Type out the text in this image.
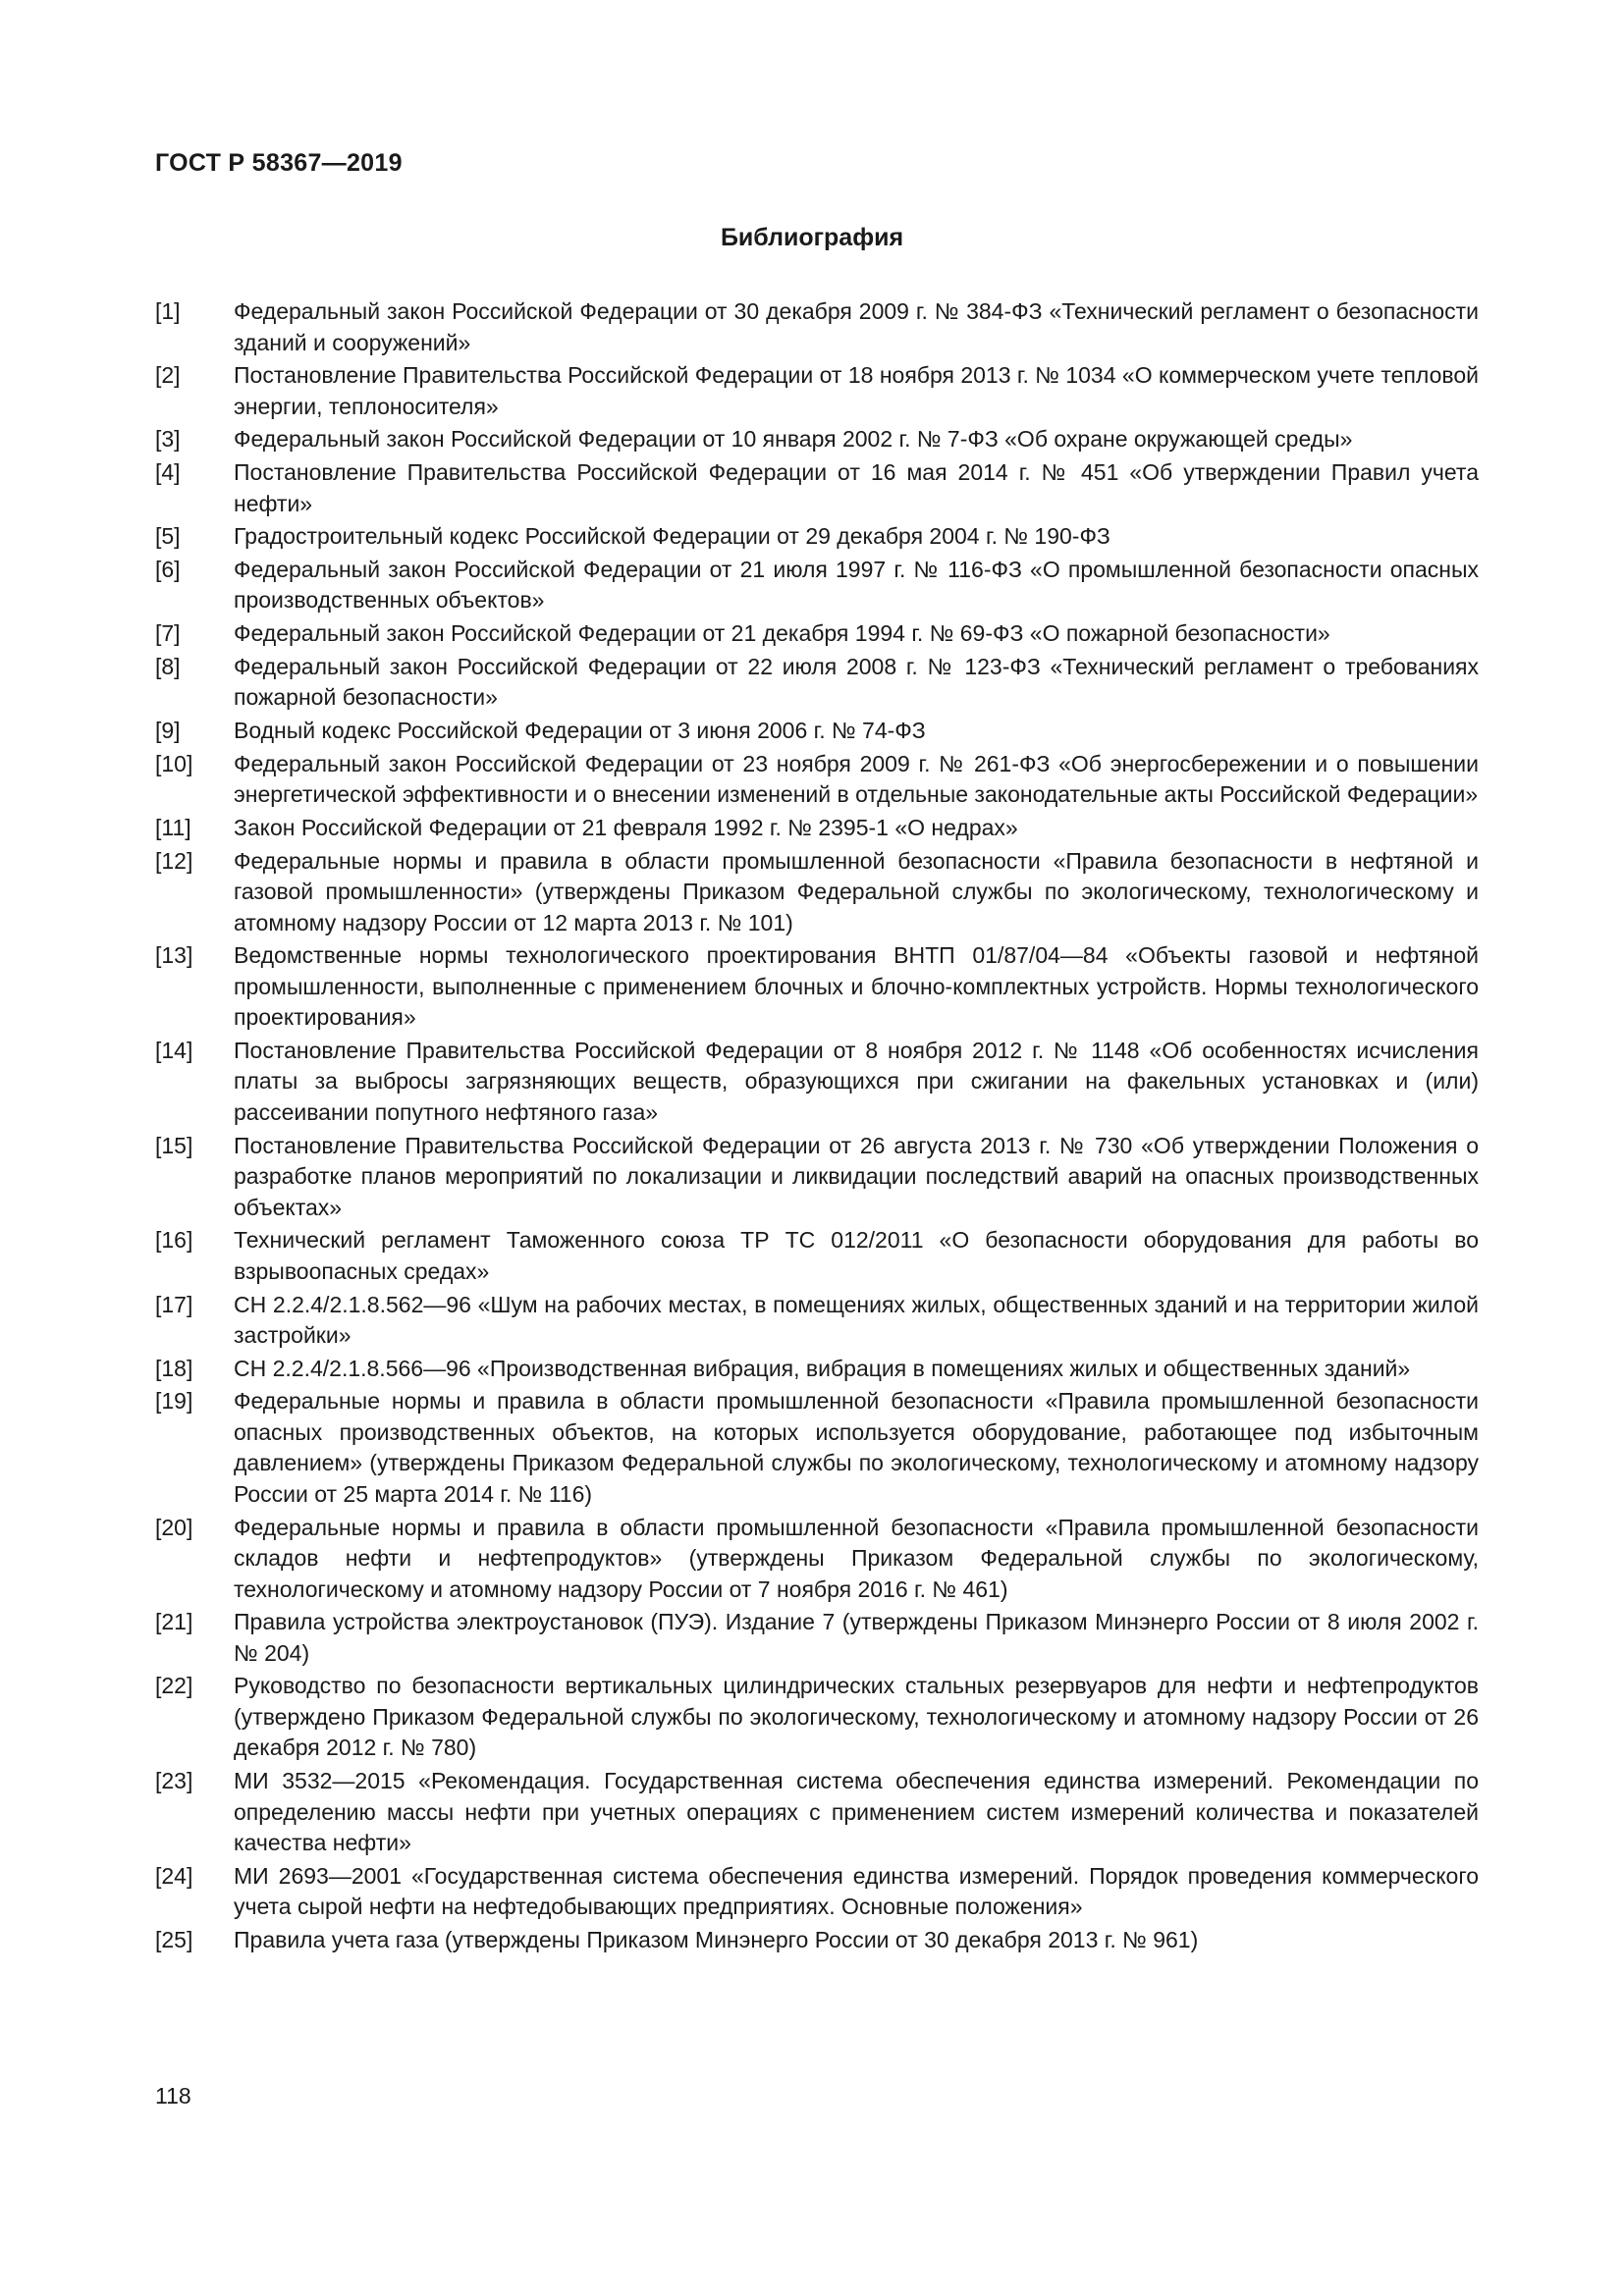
ГОСТ Р 58367—2019
Библиография
[1]	Федеральный закон Российской Федерации от 30 декабря 2009 г. № 384-ФЗ «Технический регламент о безопасности зданий и сооружений»
[2]	Постановление Правительства Российской Федерации от 18 ноября 2013 г. № 1034 «О коммерческом учете тепловой энергии, теплоносителя»
[3]	Федеральный закон Российской Федерации от 10 января 2002 г. № 7-ФЗ «Об охране окружающей среды»
[4]	Постановление Правительства Российской Федерации от 16 мая 2014 г. № 451 «Об утверждении Правил учета нефти»
[5]	Градостроительный кодекс Российской Федерации от 29 декабря 2004 г. № 190-ФЗ
[6]	Федеральный закон Российской Федерации от 21 июля 1997 г. № 116-ФЗ «О промышленной безопасности опасных производственных объектов»
[7]	Федеральный закон Российской Федерации от 21 декабря 1994 г. № 69-ФЗ «О пожарной безопасности»
[8]	Федеральный закон Российской Федерации от 22 июля 2008 г. № 123-ФЗ «Технический регламент о требованиях пожарной безопасности»
[9]	Водный кодекс Российской Федерации от 3 июня 2006 г. № 74-ФЗ
[10]	Федеральный закон Российской Федерации от 23 ноября 2009 г. № 261-ФЗ «Об энергосбережении и о повышении энергетической эффективности и о внесении изменений в отдельные законодательные акты Российской Федерации»
[11]	Закон Российской Федерации от 21 февраля 1992 г. № 2395-1 «О недрах»
[12]	Федеральные нормы и правила в области промышленной безопасности «Правила безопасности в нефтяной и газовой промышленности» (утверждены Приказом Федеральной службы по экологическому, технологическому и атомному надзору России от 12 марта 2013 г. № 101)
[13]	Ведомственные нормы технологического проектирования ВНТП 01/87/04—84 «Объекты газовой и нефтяной промышленности, выполненные с применением блочных и блочно-комплектных устройств. Нормы технологического проектирования»
[14]	Постановление Правительства Российской Федерации от 8 ноября 2012 г. № 1148 «Об особенностях исчисления платы за выбросы загрязняющих веществ, образующихся при сжигании на факельных установках и (или) рассеивании попутного нефтяного газа»
[15]	Постановление Правительства Российской Федерации от 26 августа 2013 г. № 730 «Об утверждении Положения о разработке планов мероприятий по локализации и ликвидации последствий аварий на опасных производственных объектах»
[16]	Технический регламент Таможенного союза ТР ТС 012/2011 «О безопасности оборудования для работы во взрывоопасных средах»
[17]	СН 2.2.4/2.1.8.562—96 «Шум на рабочих местах, в помещениях жилых, общественных зданий и на территории жилой застройки»
[18]	СН 2.2.4/2.1.8.566—96 «Производственная вибрация, вибрация в помещениях жилых и общественных зданий»
[19]	Федеральные нормы и правила в области промышленной безопасности «Правила промышленной безопасности опасных производственных объектов, на которых используется оборудование, работающее под избыточным давлением» (утверждены Приказом Федеральной службы по экологическому, технологическому и атомному надзору России от 25 марта 2014 г. № 116)
[20]	Федеральные нормы и правила в области промышленной безопасности «Правила промышленной безопасности складов нефти и нефтепродуктов» (утверждены Приказом Федеральной службы по экологическому, технологическому и атомному надзору России от 7 ноября 2016 г. № 461)
[21]	Правила устройства электроустановок (ПУЭ). Издание 7 (утверждены Приказом Минэнерго России от 8 июля 2002 г. № 204)
[22]	Руководство по безопасности вертикальных цилиндрических стальных резервуаров для нефти и нефтепродуктов (утверждено Приказом Федеральной службы по экологическому, технологическому и атомному надзору России от 26 декабря 2012 г. № 780)
[23]	МИ 3532—2015 «Рекомендация. Государственная система обеспечения единства измерений. Рекомендации по определению массы нефти при учетных операциях с применением систем измерений количества и показателей качества нефти»
[24]	МИ 2693—2001 «Государственная система обеспечения единства измерений. Порядок проведения коммерческого учета сырой нефти на нефтедобывающих предприятиях. Основные положения»
[25]	Правила учета газа (утверждены Приказом Минэнерго России от 30 декабря 2013 г. № 961)

118
